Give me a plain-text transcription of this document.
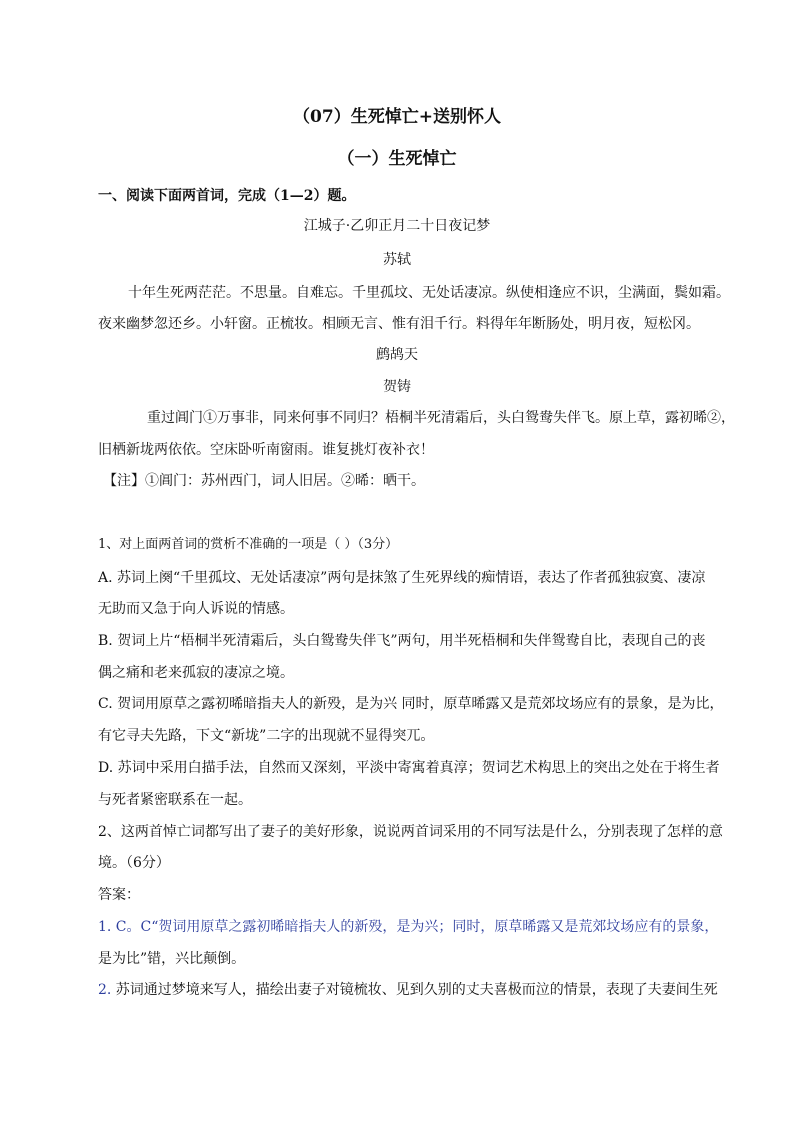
（07）生死悼亡+送别怀人
（一）生死悼亡
一、阅读下面两首词，完成（1—2）题。
江城子·乙卯正月二十日夜记梦
苏轼
十年生死两茫茫。不思量。自难忘。千里孤坟、无处话凄凉。纵使相逢应不识，尘满面，鬓如霜。
夜来幽梦忽还乡。小轩窗。正梳妆。相顾无言、惟有泪千行。料得年年断肠处，明月夜，短松冈。
鹧鸪天
贺铸
重过阊门①万事非，同来何事不同归？梧桐半死清霜后，头白鸳鸯失伴飞。原上草，露初晞②，
旧栖新垅两依依。空床卧听南窗雨。谁复挑灯夜补衣！
【注】①阊门：苏州西门，词人旧居。②晞：晒干。
1、对上面两首词的赏析不准确的一项是（ ）（3分）
A. 苏词上阕“千里孤坟、无处话凄凉”两句是抹煞了生死界线的痴情语，表达了作者孤独寂寞、凄凉
无助而又急于向人诉说的情感。
B. 贺词上片“梧桐半死清霜后，头白鸳鸯失伴飞”两句，用半死梧桐和失伴鸳鸯自比，表现自己的丧
偶之痛和老来孤寂的凄凉之境。
C. 贺词用原草之露初晞暗指夫人的新殁，是为兴 同时，原草晞露又是荒郊坟场应有的景象，是为比，
有它寻夫先路，下文“新垅”二字的出现就不显得突兀。
D. 苏词中采用白描手法，自然而又深刻，平淡中寄寓着真淳；贺词艺术构思上的突出之处在于将生者
与死者紧密联系在一起。
2、这两首悼亡词都写出了妻子的美好形象，说说两首词采用的不同写法是什么，分别表现了怎样的意
境。（6分）
答案：
1. C。C“贺词用原草之露初晞暗指夫人的新殁，是为兴；同时，原草晞露又是荒郊坟场应有的景象，
是为比”错，兴比颠倒。
2. 苏词通过梦境来写人，描绘出妻子对镜梳妆、见到久别的丈夫喜极而泣的情景，表现了夫妻间生死
